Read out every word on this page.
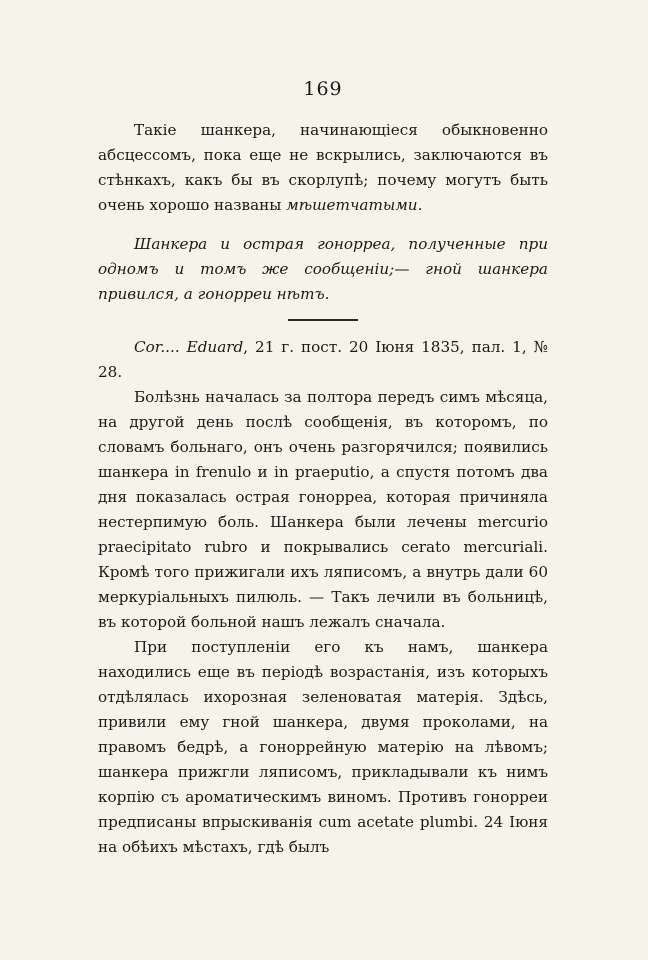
169

Такіе шанкера, начинающіеся обыкновенно абсцессомъ, пока еще не вскрылись, заключаются въ стѣнкахъ, какъ бы въ скорлупѣ; почему могутъ быть очень хорошо названы мѣшетчатыми.

Шанкера и острая гонорреа, полученные при одномъ и томъ же сообщеніи;— гной шанкера привился, а гонорреи нѣтъ.

Cor.... Eduard, 21 г. пост. 20 Іюня 1835, пал. 1, № 28.

Болѣзнь началась за полтора передъ симъ мѣсяца, на другой день послѣ сообщенія, въ которомъ, по словамъ больнаго, онъ очень разгорячился; появились шанкера in frenulo и in praeputio, а спустя потомъ два дня показалась острая гонорреа, которая причиняла нестерпимую боль. Шанкера были лечены mercurio praecipitato rubro и покрывались cerato mercuriali. Кромѣ того прижигали ихъ ляписомъ, а внутрь дали 60 меркуріальныхъ пилюль. — Такъ лечили въ больницѣ, въ которой больной нашъ лежалъ сначала.

При поступленіи его къ намъ, шанкера находились еще въ періодѣ возрастанія, изъ которыхъ отдѣлялась ихорозная зеленоватая матерія. Здѣсь, привили ему гной шанкера, двумя проколами, на правомъ бедрѣ, а гоноррейную матерію на лѣвомъ; шанкера прижгли ляписомъ, прикладывали къ нимъ корпію съ ароматическимъ виномъ. Противъ гонорреи предписаны впрыскиванія cum acetate plumbi. 24 Іюня на обѣихъ мѣстахъ, гдѣ былъ
